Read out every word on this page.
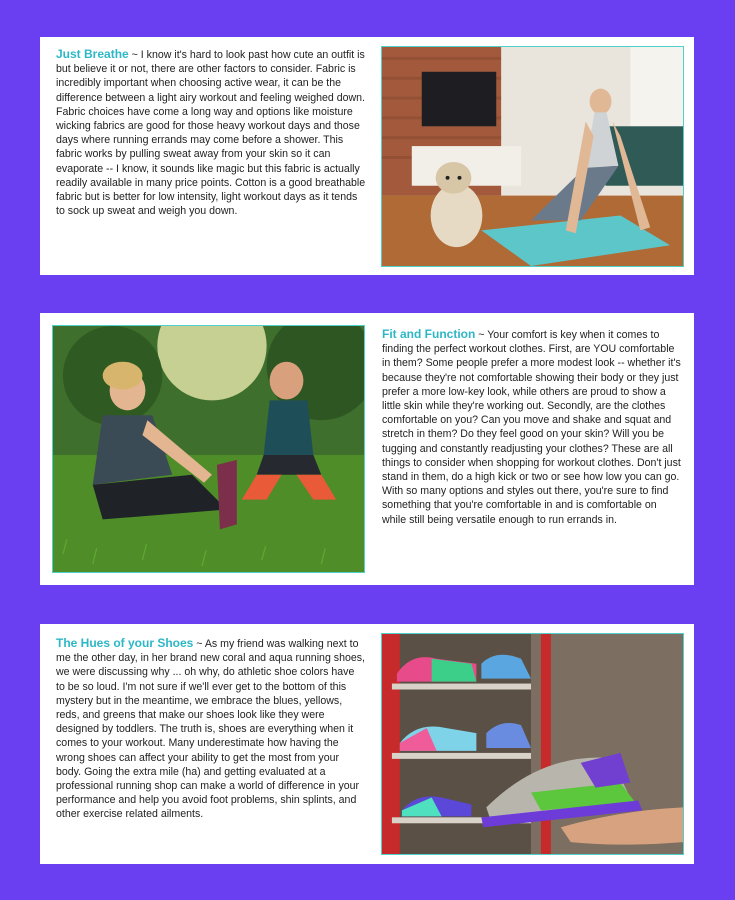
Just Breathe ~ I know it's hard to look past how cute an outfit is but believe it or not, there are other factors to consider. Fabric is incredibly important when choosing active wear, it can be the difference between a light airy workout and feeling weighed down. Fabric choices have come a long way and options like moisture wicking fabrics are good for those heavy workout days and those days where running errands may come before a shower. This fabric works by pulling sweat away from your skin so it can evaporate -- I know, it sounds like magic but this fabric is actually readily available in many price points. Cotton is a good breathable fabric but is better for low intensity, light workout days as it tends to sock up sweat and weigh you down.
Fit and Function ~ Your comfort is key when it comes to finding the perfect workout clothes. First, are YOU comfortable in them? Some people prefer a more modest look -- whether it's because they're not comfortable showing their body or they just prefer a more low-key look, while others are proud to show a little skin while they're working out. Secondly, are the clothes comfortable on you? Can you move and shake and squat and stretch in them? Do they feel good on your skin? Will you be tugging and constantly readjusting your clothes? These are all things to consider when shopping for workout clothes. Don't just stand in them, do a high kick or two or see how low you can go. With so many options and styles out there, you're sure to find something that you're comfortable in and is comfortable on while still being versatile enough to run errands in.
The Hues of your Shoes ~ As my friend was walking next to me the other day, in her brand new coral and aqua running shoes, we were discussing why ... oh why, do athletic shoe colors have to be so loud. I'm not sure if we'll ever get to the bottom of this mystery but in the meantime, we embrace the blues, yellows, reds, and greens that make our shoes look like they were designed by toddlers. The truth is, shoes are everything when it comes to your workout. Many underestimate how having the wrong shoes can affect your ability to get the most from your body. Going the extra mile (ha) and getting evaluated at a professional running shop can make a world of difference in your performance and help you avoid foot problems, shin splints, and other exercise related ailments.
